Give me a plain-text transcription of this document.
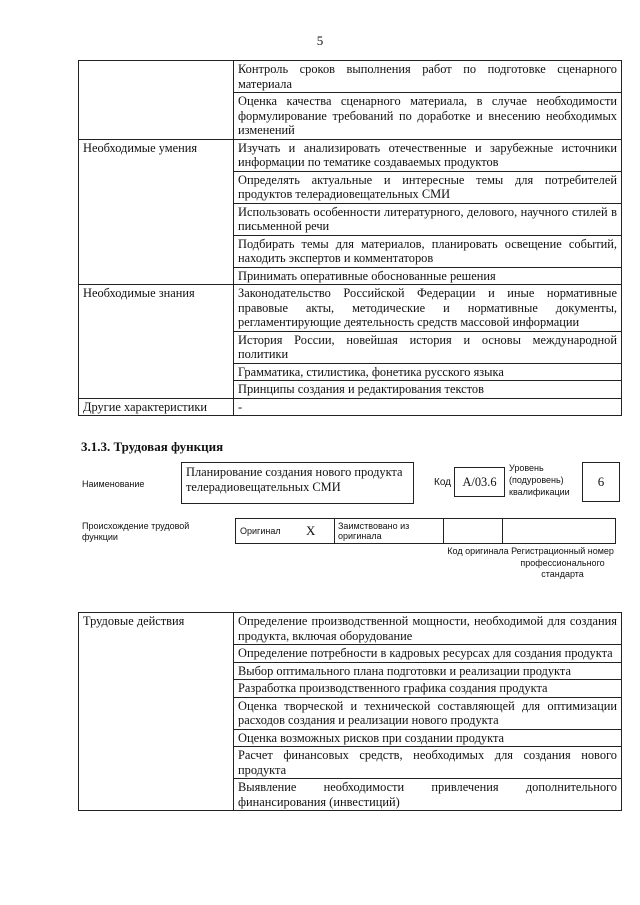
5
	Контроль сроков выполнения работ по подготовке сценарного материала
	Оценка качества сценарного материала, в случае необходимости формулирование требований по доработке и внесению необходимых изменений
Необходимые умения	Изучать и анализировать отечественные и зарубежные источники информации по тематике создаваемых продуктов
	Определять актуальные и интересные темы для потребителей продуктов телерадиовещательных СМИ
	Использовать особенности литературного, делового, научного стилей в письменной речи
	Подбирать темы для материалов, планировать освещение событий, находить экспертов и комментаторов
	Принимать оперативные обоснованные решения
Необходимые знания	Законодательство Российской Федерации и иные нормативные правовые акты, методические и нормативные документы, регламентирующие деятельность средств массовой информации
	История России, новейшая история и основы международной политики
	Грамматика, стилистика, фонетика русского языка
	Принципы создания и редактирования текстов
Другие характеристики	-
3.1.3. Трудовая функция
Наименование
Планирование создания нового продукта телерадиовещательных СМИ	Код A/03.6
Уровень (подуровень) квалификации
6
Происхождение трудовой функции
Оригинал	X	Заимствовано из оригинала
Код оригинала Регистрационный номер профессионального стандарта
Трудовые действия	Определение производственной мощности, необходимой для создания продукта, включая оборудование
Определение потребности в кадровых ресурсах для создания продукта
Выбор оптимального плана подготовки и реализации продукта
Разработка производственного графика создания продукта
Оценка творческой и технической составляющей для оптимизации расходов создания и реализации нового продукта
Оценка возможных рисков при создании продукта
Расчет финансовых средств, необходимых для создания нового продукта
Выявление необходимости привлечения дополнительного финансирования (инвестиций)
